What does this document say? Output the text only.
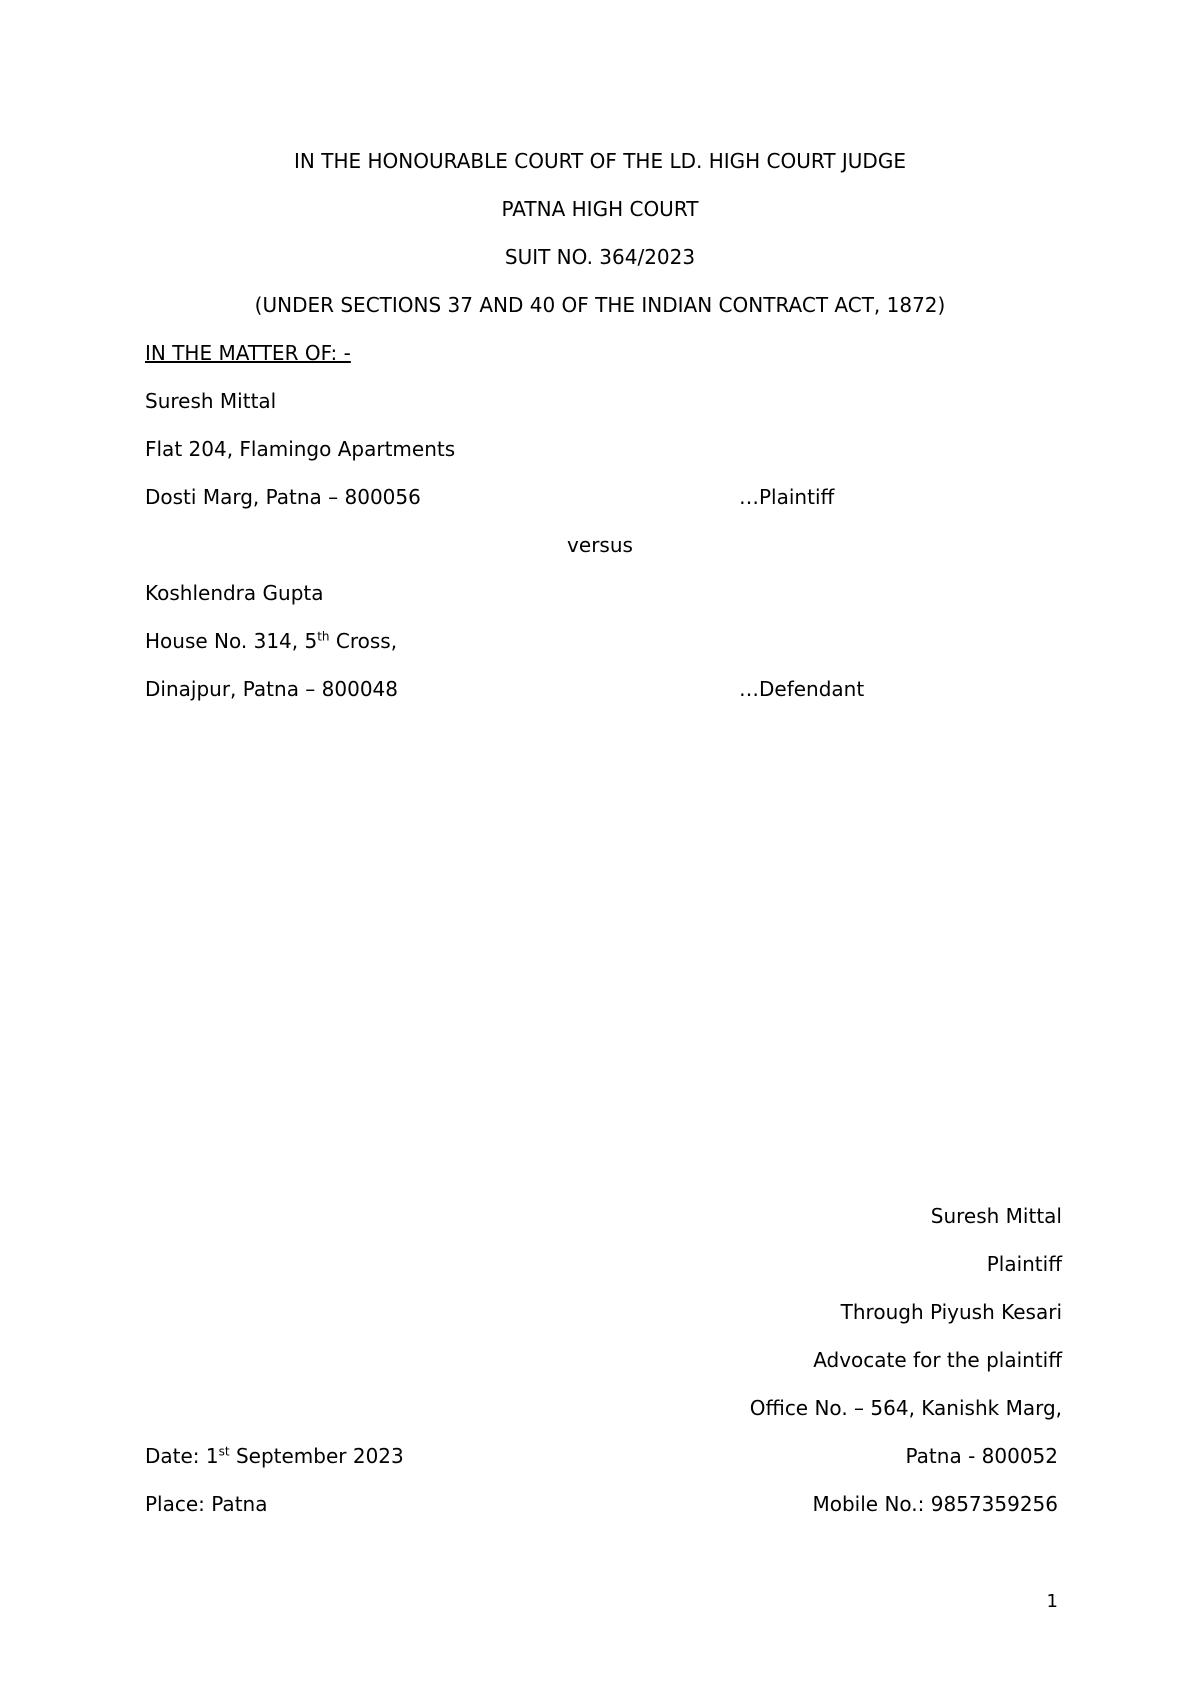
IN THE HONOURABLE COURT OF THE LD. HIGH COURT JUDGE
PATNA HIGH COURT
SUIT NO. 364/2023
(UNDER SECTIONS 37 AND 40 OF THE INDIAN CONTRACT ACT, 1872)
IN THE MATTER OF: -
Suresh Mittal
Flat 204, Flamingo Apartments
Dosti Marg, Patna – 800056	…Plaintiff
versus
Koshlendra Gupta
House No. 314, 5th Cross,
Dinajpur, Patna – 800048	…Defendant
Suresh Mittal
Plaintiff
Through Piyush Kesari
Advocate for the plaintiff
Office No. – 564, Kanishk Marg,
Date: 1st September 2023	Patna - 800052
Place: Patna	Mobile No.: 9857359256
1
